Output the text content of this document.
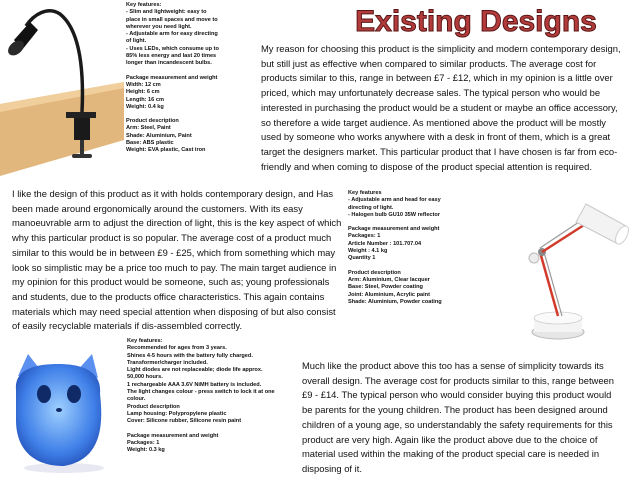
Existing Designs

Key features:

- Slim and lightweight: easy to

place in small spaces and move to

wherever you need light.

- Adjustable arm for easy directing

of light.

- Uses LEDs, which consume up to

85% less energy and last 20 times

longer than incandescent bulbs.

Package measurement and weight

Width: 12 cm

Height: 6 cm

Length: 16 cm

Weight: 0.4 kg

Product description

Arm: Steel, Paint

Shade: Aluminium, Paint

Base: ABS plastic

Weight: EVA plastic, Cast iron

My reason for choosing this product is the simplicity and modern contemporary design, but still just as effective when compared to similar products. The average cost for products similar to this, range in between £7 - £12, which in my opinion is a little over priced, which may unfortunately decrease sales. The typical person who would be interested in purchasing the product would be a student or maybe an office accessory, so therefore a wide target audience. As mentioned above the product will be mostly used by someone who works anywhere with a desk in front of them, which is a great target the designers market. This particular product that I have chosen is far from eco-friendly and when coming to dispose of the product special attention is required.

I like the design of this product as it with holds contemporary design, and Has been made around ergonomically around the customers. With its easy manoeuvrable arm to adjust the direction of light, this is the key aspect of which why this particular product is so popular. The average cost of a product much similar to this would be in between £9 - £25, which from something which may look so simplistic may be a price too much to pay. The main target audience in my opinion for this product would be someone, such as; young professionals and students, due to the products office characteristics. This again contains materials which may need special attention when disposing of but also consist of easily recyclable materials if dis-assembled correctly.

Key features

- Adjustable arm and head for easy

directing of light.

- Halogen bulb GU10 35W reflector

Package measurement and weight

Packages: 1

Article Number : 101.707.04

Weight : 4.1 kg

Quantity 1

Product description

Arm: Aluminium, Clear lacquer

Base: Steel, Powder coating

Joint: Aluminium, Acrylic paint

Shade: Aluminium, Powder coating

Key features:

Recommended for ages from 3 years.

Shines 4-5 hours with the battery fully charged.

Transformer/charger included.

Light diodes are not replaceable; diode life approx.

50,000 hours.

1 rechargeable AAA 3.6V NiMH battery is included.

The light changes colour - press switch to lock it at one

colour.

Product description

Lamp housing: Polypropylene plastic

Cover: Silicone rubber, Silicone resin paint

Package measurement and weight

Packages: 1

Weight: 0.3 kg

Much like the product above this too has a sense of simplicity towards its overall design. The average cost for products similar to this, range between £9 - £14. The typical person who would consider buying this product would be parents for the young children. The product has been designed around children of a young age, so understandably the safety requirements for this product are very high. Again like the product above due to the choice of material used within the making of the product special care is needed in disposing of it.
